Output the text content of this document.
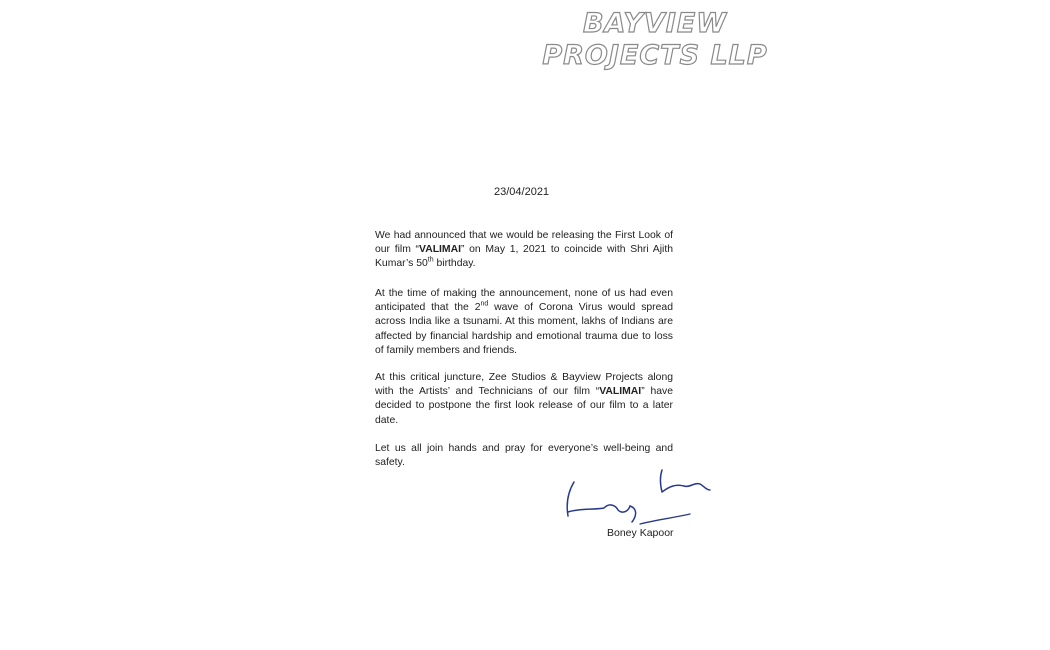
BAYVIEW
PROJECTS LLP
23/04/2021

We had announced that we would be releasing the First Look of our film “VALIMAI” on May 1, 2021 to coincide with Shri Ajith Kumar’s 50th birthday.

At the time of making the announcement, none of us had even anticipated that the 2nd wave of Corona Virus would spread across India like a tsunami. At this moment, lakhs of Indians are affected by financial hardship and emotional trauma due to loss of family members and friends.

At this critical juncture, Zee Studios & Bayview Projects along with the Artists’ and Technicians of our film “VALIMAI” have decided to postpone the first look release of our film to a later date.

Let us all join hands and pray for everyone’s well-being and safety.

Boney Kapoor
